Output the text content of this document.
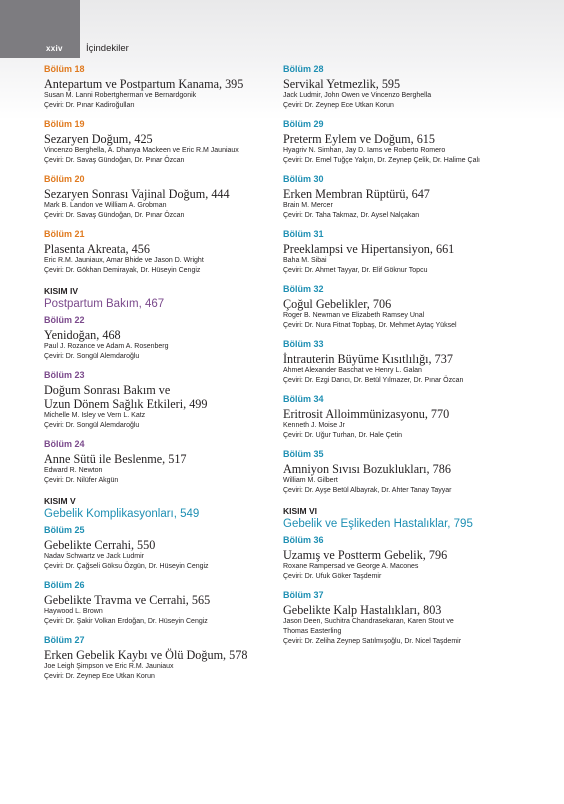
xxiv İçindekiler
Bölüm 18
Antepartum ve Postpartum Kanama, 395
Susan M. Lanni Robertgherman ve Bernardgonik
Çeviri: Dr. Pınar Kadiroğulları
Bölüm 19
Sezaryen Doğum, 425
Vincenzo Berghella, A. Dhanya Mackeen ve Eric R.M Jauniaux
Çeviri: Dr. Savaş Gündoğan, Dr. Pınar Özcan
Bölüm 20
Sezaryen Sonrası Vajinal Doğum, 444
Mark B. Landon ve William A. Grobman
Çeviri: Dr. Savaş Gündoğan, Dr. Pınar Özcan
Bölüm 21
Plasenta Akreata, 456
Eric R.M. Jauniaux, Amar Bhide ve Jason D. Wright
Çeviri: Dr. Gökhan Demirayak, Dr. Hüseyin Cengiz
KISIM IV
Postpartum Bakım, 467
Bölüm 22
Yenidoğan, 468
Paul J. Rozance ve Adam A. Rosenberg
Çeviri: Dr. Songül Alemdaroğlu
Bölüm 23
Doğum Sonrası Bakım ve
Uzun Dönem Sağlık Etkileri, 499
Michelle M. Isley ve Vern L. Katz
Çeviri: Dr. Songül Alemdaroğlu
Bölüm 24
Anne Sütü ile Beslenme, 517
Edward R. Newton
Çeviri: Dr. Nilüfer Akgün
KISIM V
Gebelik Komplikasyonları, 549
Bölüm 25
Gebelikte Cerrahi, 550
Nadav Schwartz ve Jack Ludmir
Çeviri: Dr. Çağseli Göksu Özgün, Dr. Hüseyin Cengiz
Bölüm 26
Gebelikte Travma ve Cerrahi, 565
Haywood L. Brown
Çeviri: Dr. Şakir Volkan Erdoğan, Dr. Hüseyin Cengiz
Bölüm 27
Erken Gebelik Kaybı ve Ölü Doğum, 578
Joe Leigh Şimpson ve Eric R.M. Jauniaux
Çeviri: Dr. Zeynep Ece Utkan Korun
Bölüm 28
Servikal Yetmezlik, 595
Jack Ludmir, John Owen ve Vincenzo Berghella
Çeviri: Dr. Zeynep Ece Utkan Korun
Bölüm 29
Preterm Eylem ve Doğum, 615
Hyagriv N. Simhan, Jay D. Iams ve Roberto Romero
Çeviri: Dr. Emel Tuğçe Yalçın, Dr. Zeynep Çelik, Dr. Halime Çalı
Bölüm 30
Erken Membran Rüptürü, 647
Brain M. Mercer
Çeviri: Dr. Taha Takmaz, Dr. Aysel Nalçakan
Bölüm 31
Preeklampsi ve Hipertansiyon, 661
Baha M. Sibai
Çeviri: Dr. Ahmet Tayyar, Dr. Elif Göknur Topcu
Bölüm 32
Çoğul Gebelikler, 706
Roger B. Newman ve Elizabeth Ramsey Unal
Çeviri: Dr. Nura Fitnat Topbaş, Dr. Mehmet Aytaç Yüksel
Bölüm 33
İntrauterin Büyüme Kısıtlılığı, 737
Ahmet Alexander Baschat ve Henry L. Galan
Çeviri: Dr. Ezgi Darıcı, Dr. Betül Yılmazer, Dr. Pınar Özcan
Bölüm 34
Eritrosit Alloimmünizasyonu, 770
Kenneth J. Moise Jr
Çeviri: Dr. Uğur Turhan, Dr. Hale Çetin
Bölüm 35
Amniyon Sıvısı Bozuklukları, 786
William M. Gilbert
Çeviri: Dr. Ayşe Betül Albayrak, Dr. Ahter Tanay Tayyar
KISIM VI
Gebelik ve Eşlikeden Hastalıklar, 795
Bölüm 36
Uzamış ve Postterm Gebelik, 796
Roxane Rampersad ve George A. Macones
Çeviri: Dr. Ufuk Göker Taşdemir
Bölüm 37
Gebelikte Kalp Hastalıkları, 803
Jason Deen, Suchitra Chandrasekaran, Karen Stout ve
Thomas Easterling
Çeviri: Dr. Zeliha Zeynep Satılmışoğlu, Dr. Nicel Taşdemir
